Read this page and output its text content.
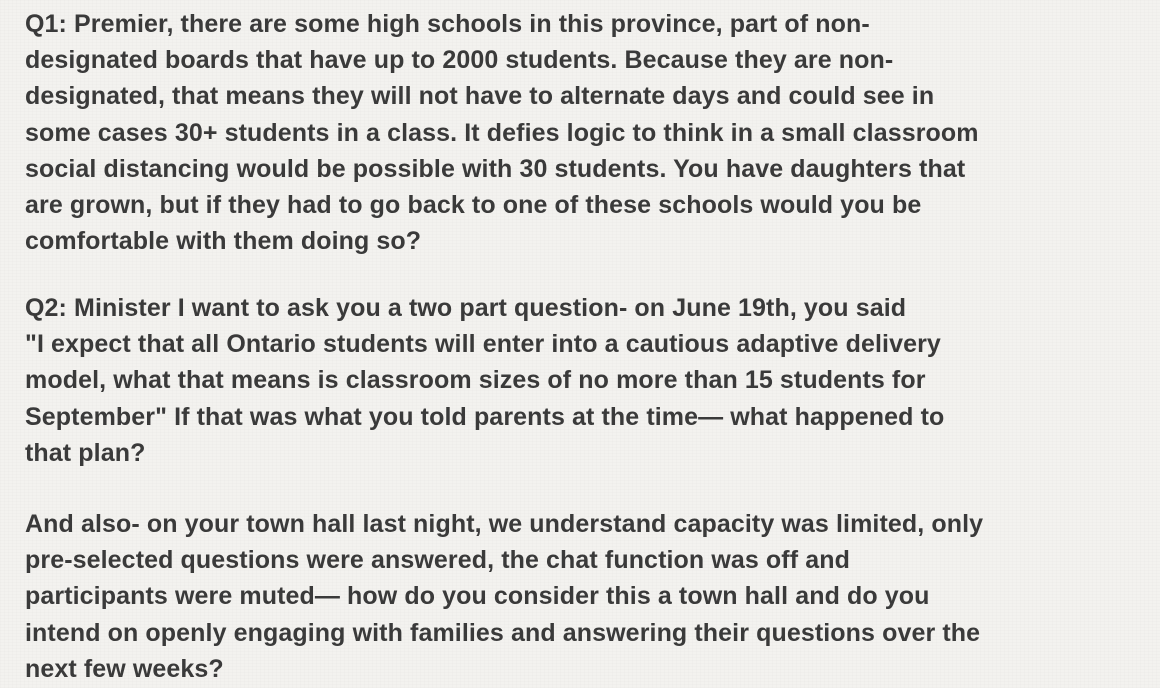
Q1: Premier, there are some high schools in this province, part of non-
designated boards that have up to 2000 students. Because they are non-
designated, that means they will not have to alternate days and could see in
some cases 30+ students in a class. It defies logic to think in a small classroom
social distancing would be possible with 30 students. You have daughters that
are grown, but if they had to go back to one of these schools would you be
comfortable with them doing so?
Q2: Minister I want to ask you a two part question- on June 19th, you said
"I expect that all Ontario students will enter into a cautious adaptive delivery
model, what that means is classroom sizes of no more than 15 students for
September" If that was what you told parents at the time— what happened to
that plan?
And also- on your town hall last night, we understand capacity was limited, only
pre-selected questions were answered, the chat function was off and
participants were muted— how do you consider this a town hall and do you
intend on openly engaging with families and answering their questions over the
next few weeks?
